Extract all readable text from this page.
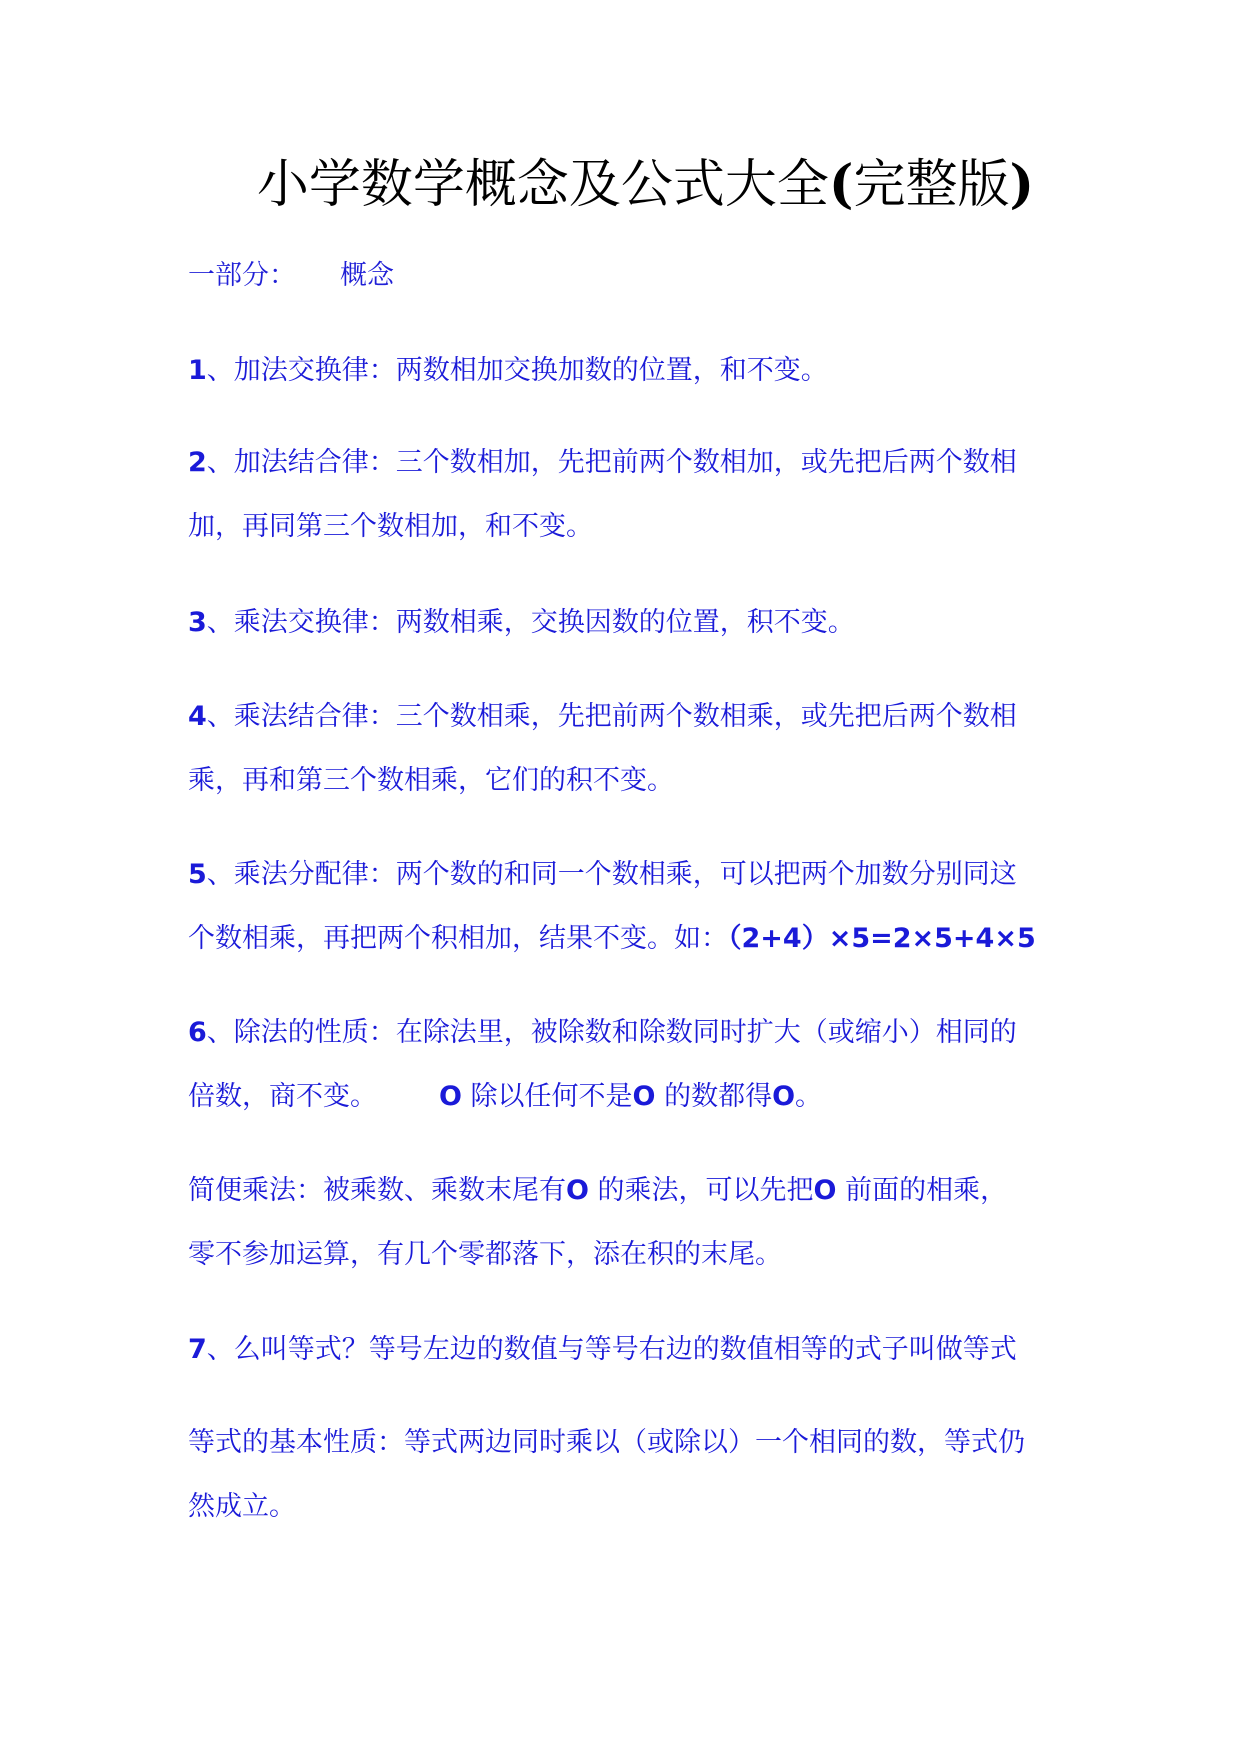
小学数学概念及公式大全(完整版)
一部分： 概念

1、加法交换律：两数相加交换加数的位置，和不变。

2、加法结合律：三个数相加，先把前两个数相加，或先把后两个数相
加，再同第三个数相加，和不变。

3、乘法交换律：两数相乘，交换因数的位置，积不变。

4、乘法结合律：三个数相乘，先把前两个数相乘，或先把后两个数相
乘，再和第三个数相乘，它们的积不变。

5、乘法分配律：两个数的和同一个数相乘，可以把两个加数分别同这
个数相乘，再把两个积相加，结果不变。如：（2+4）×5=2×5+4×5

6、除法的性质：在除法里，被除数和除数同时扩大（或缩小）相同的
倍数，商不变。 O 除以任何不是O 的数都得O。

简便乘法：被乘数、乘数末尾有O 的乘法，可以先把O 前面的相乘，
零不参加运算，有几个零都落下，添在积的末尾。

7、么叫等式？等号左边的数值与等号右边的数值相等的式子叫做等式

等式的基本性质：等式两边同时乘以（或除以）一个相同的数，等式仍
然成立。
